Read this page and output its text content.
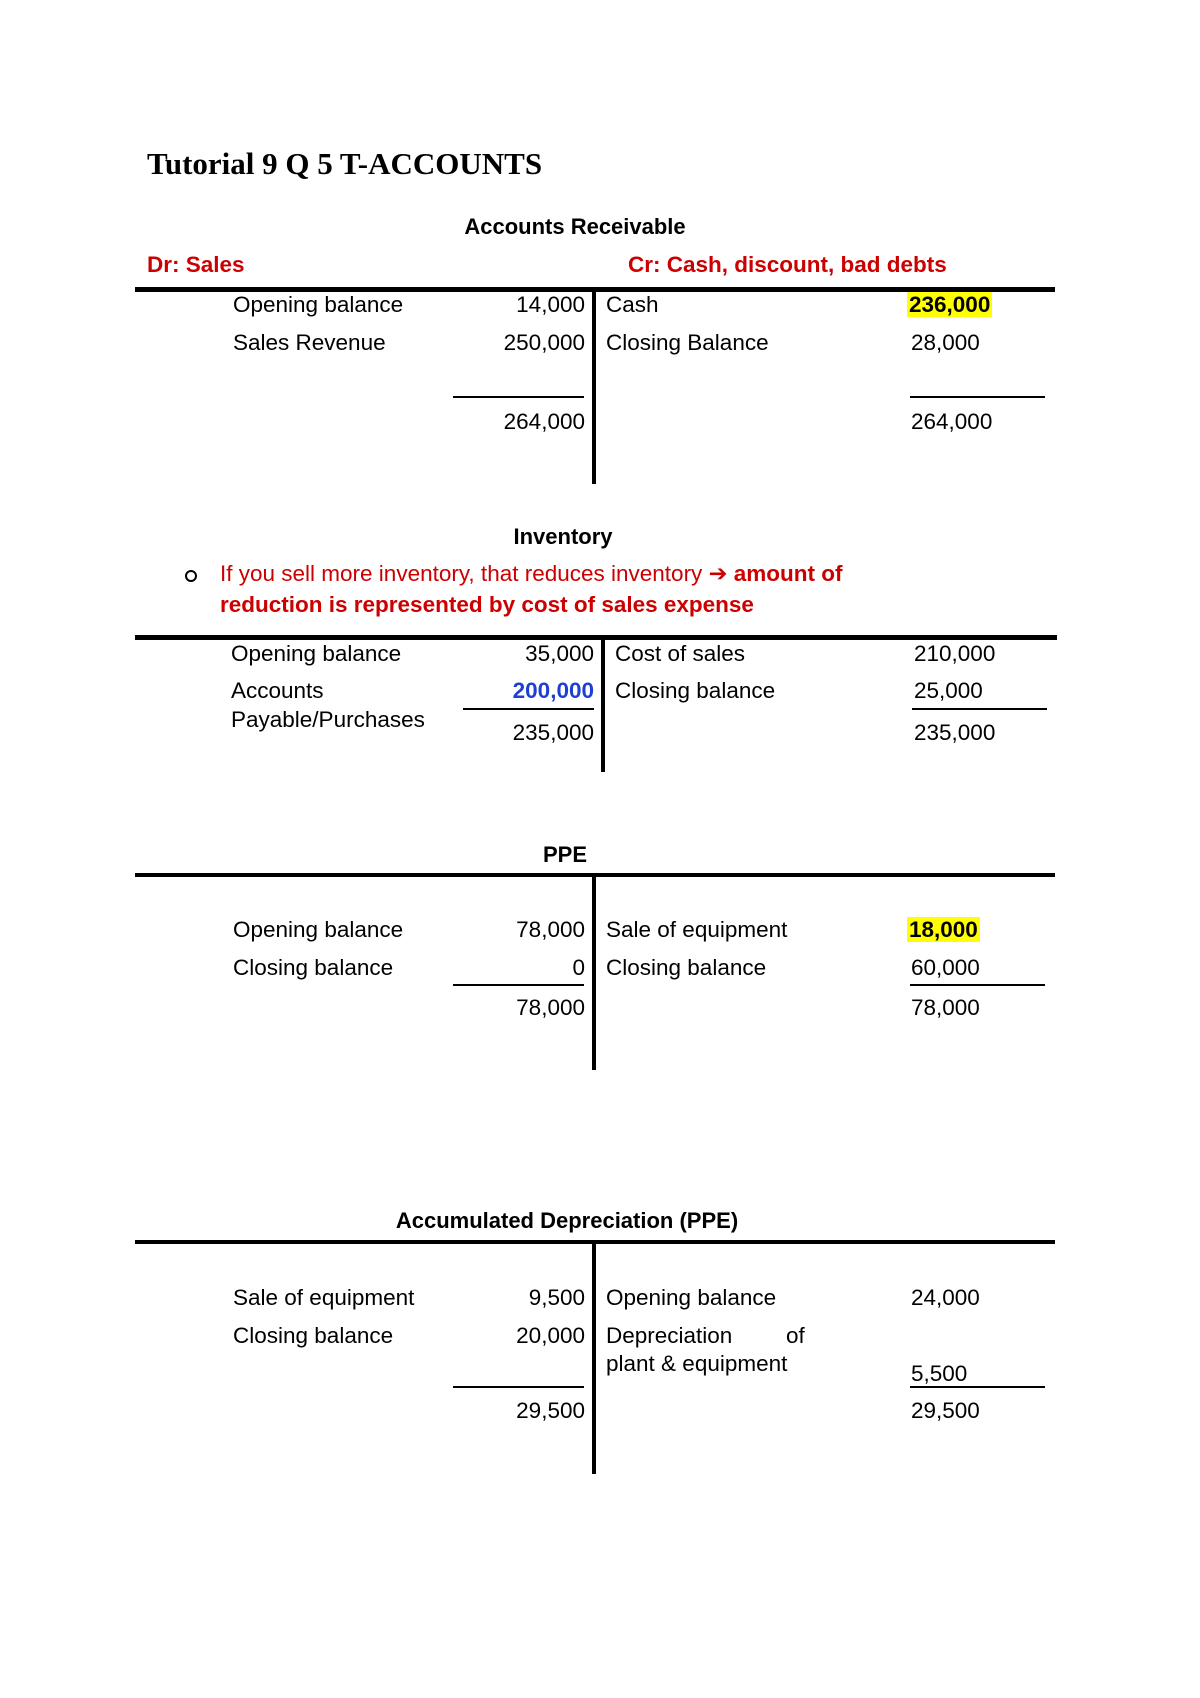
Tutorial 9 Q 5 T-ACCOUNTS
Accounts Receivable
Dr: Sales	Cr: Cash, discount, bad debts
Opening balance	14,000
Sales Revenue	250,000
264,000
Cash	236,000
Closing Balance	28,000
264,000
Inventory
If you sell more inventory, that reduces inventory ➔ amount of
reduction is represented by cost of sales expense
Opening balance	35,000
Accounts
Payable/Purchases
200,000
235,000
Cost of sales	210,000
Closing balance	25,000
235,000
PPE
Opening balance	78,000
Closing balance	0
78,000
Sale of equipment	18,000
Closing balance	60,000
78,000
Accumulated Depreciation (PPE)
Sale of equipment	9,500
Closing balance	20,000
29,500
Opening balance	24,000
Depreciation of
plant & equipment	5,500
29,500
